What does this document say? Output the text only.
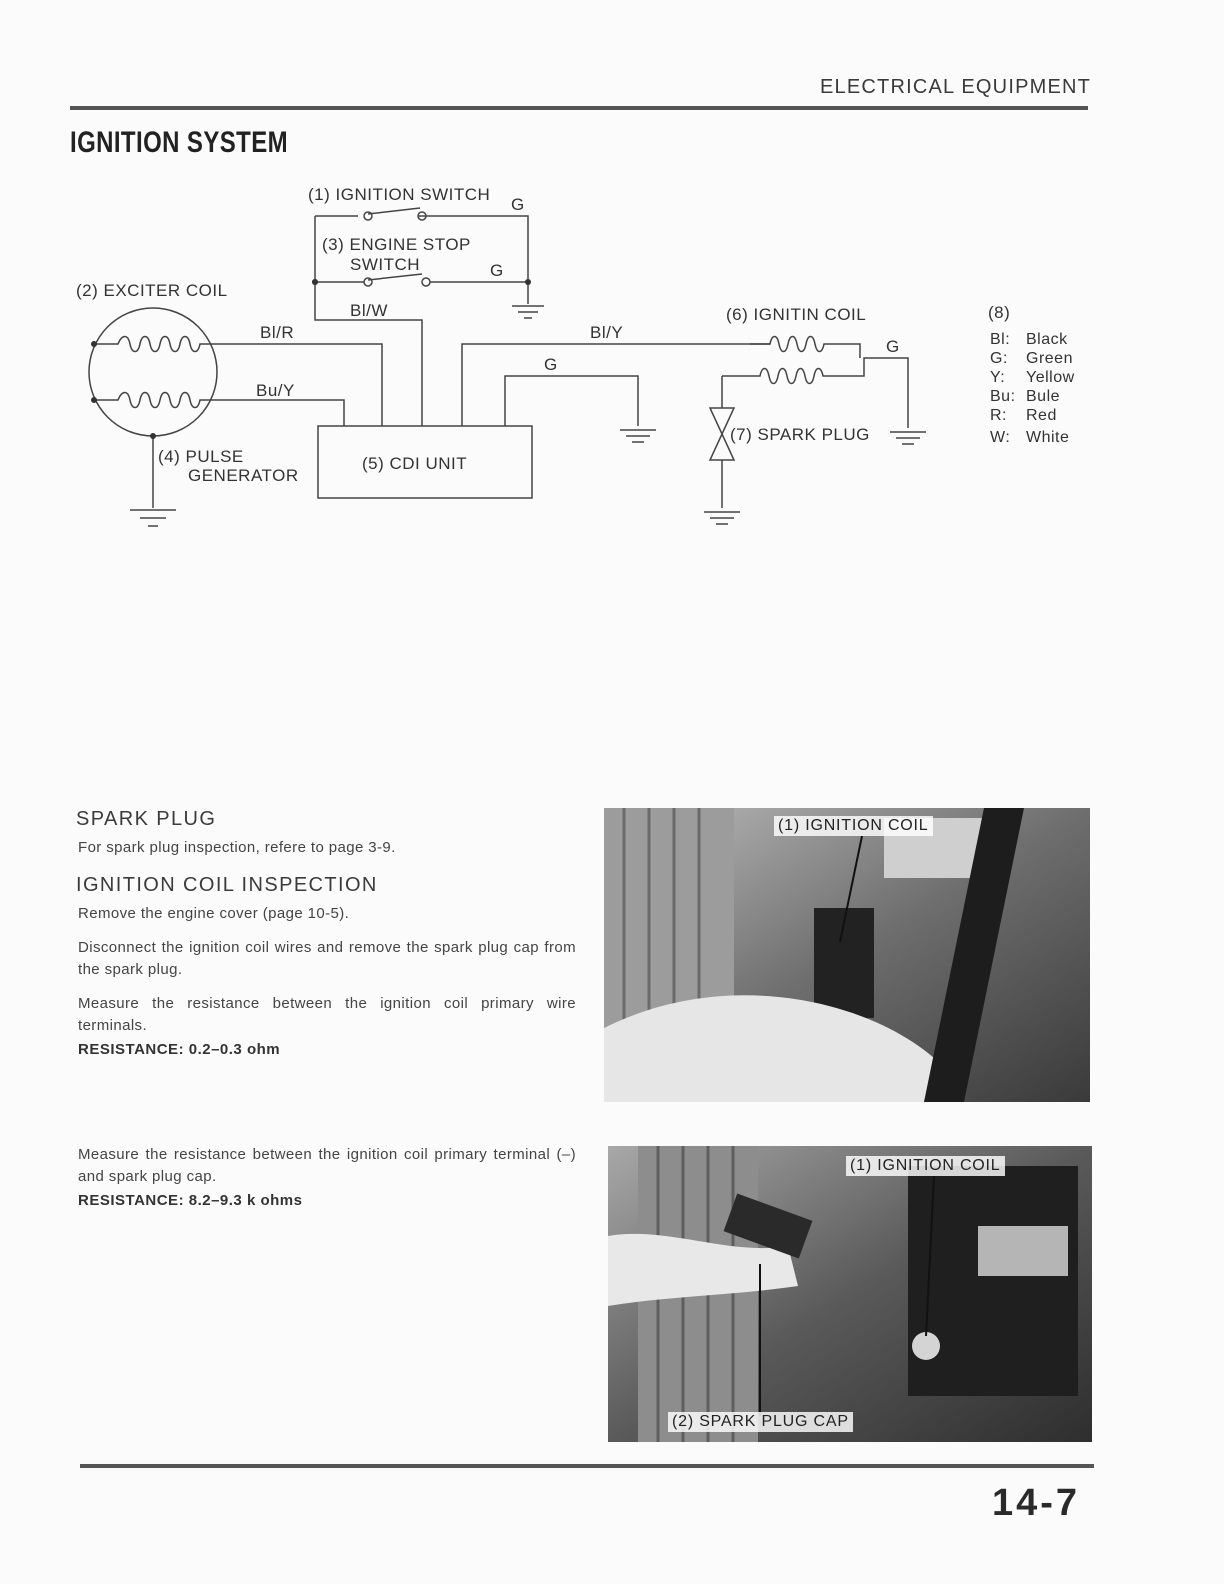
ELECTRICAL EQUIPMENT
IGNITION SYSTEM
(1) IGNITION SWITCH
G
(3) ENGINE STOP
SWITCH	G
(2) EXCITER COIL
Bl/W
Bl/R
Bu/Y
Bl/Y
G
(6) IGNITIN COIL
G
(7) SPARK PLUG
(4) PULSE
GENERATOR
(5) CDI UNIT
(8)
Bl: Black
G: Green
Y: Yellow
Bu: Bule
R: Red
W: White
SPARK PLUG

For spark plug inspection, refere to page 3-9.

IGNITION COIL INSPECTION

Remove the engine cover (page 10-5).

Disconnect the ignition coil wires and remove the spark plug cap from the spark plug.

Measure the resistance between the ignition coil primary wire terminals.

RESISTANCE: 0.2–0.3 ohm

Measure the resistance between the ignition coil primary terminal (–) and spark plug cap.

RESISTANCE: 8.2–9.3 k ohms

(1) IGNITION COIL
(1) IGNITION COIL
(2) SPARK PLUG CAP
14-7
